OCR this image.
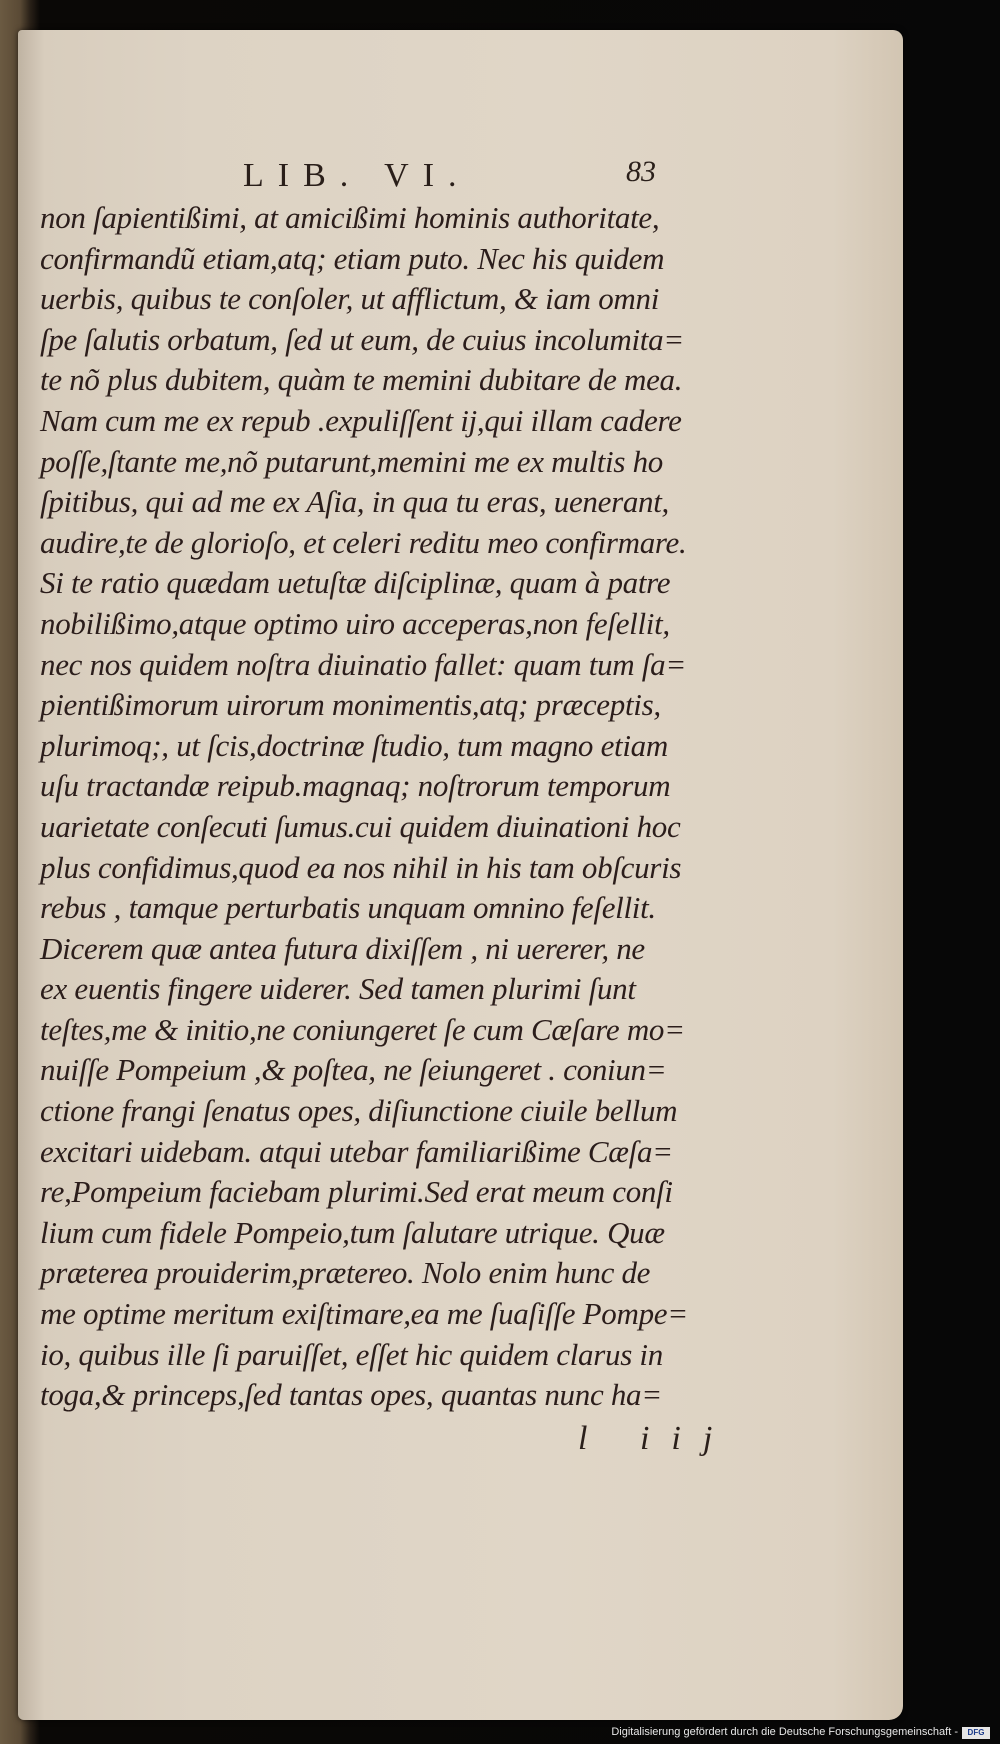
LIB. VI.	83
non ſapientißimi, at amicißimi hominis authoritate,
confirmandũ etiam,atq; etiam puto. Nec his quidem
uerbis, quibus te conſoler, ut afflictum, & iam omni
ſpe ſalutis orbatum, ſed ut eum, de cuius incolumita=
te nõ plus dubitem, quàm te memini dubitare de mea.
Nam cum me ex repub .expuliſſent ij,qui illam cadere
poſſe,ſtante me,nõ putarunt,memini me ex multis ho
ſpitibus, qui ad me ex Aſia, in qua tu eras, uenerant,
audire,te de glorioſo, et celeri reditu meo confirmare.
Si te ratio quædam uetuſtæ diſciplinæ, quam à patre
nobilißimo,atque optimo uiro acceperas,non feſellit,
nec nos quidem noſtra diuinatio fallet: quam tum ſa=
pientißimorum uirorum monimentis,atq; præceptis,
plurimoq;, ut ſcis,doctrinæ ſtudio, tum magno etiam
uſu tractandæ reipub.magnaq; noſtrorum temporum
uarietate conſecuti ſumus.cui quidem diuinationi hoc
plus confidimus,quod ea nos nihil in his tam obſcuris
rebus , tamque perturbatis unquam omnino feſellit.
Dicerem quæ antea futura dixiſſem , ni uererer, ne
ex euentis fingere uiderer. Sed tamen plurimi ſunt
teſtes,me & initio,ne coniungeret ſe cum Cæſare mo=
nuiſſe Pompeium ,& poſtea, ne ſeiungeret . coniun=
ctione frangi ſenatus opes, diſiunctione ciuile bellum
excitari uidebam. atqui utebar familiarißime Cæſa=
re,Pompeium faciebam plurimi.Sed erat meum conſi
lium cum fidele Pompeio,tum ſalutare utrique. Quæ
præterea prouiderim,prætereo. Nolo enim hunc de
me optime meritum exiſtimare,ea me ſuaſiſſe Pompe=
io, quibus ille ſi paruiſſet, eſſet hic quidem clarus in
toga,& princeps,ſed tantas opes, quantas nunc ha=
l iij
Digitalisierung gefördert durch die Deutsche Forschungsgemeinschaft -	DFG
